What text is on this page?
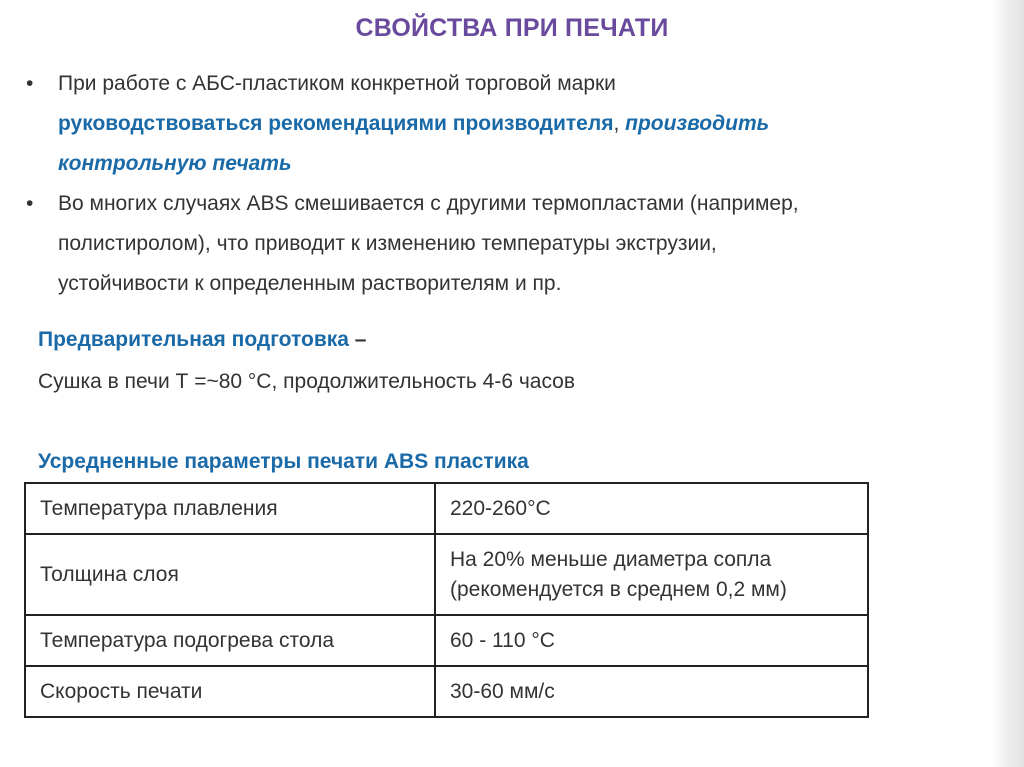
СВОЙСТВА ПРИ ПЕЧАТИ
• При работе с АБС-пластиком конкретной торговой марки
руководствоваться рекомендациями производителя, производить
контрольную печать
• Во многих случаях ABS смешивается с другими термопластами (например,
полистиролом), что приводит к изменению температуры экструзии,
устойчивости к определенным растворителям и пр.
Предварительная подготовка –
Сушка в печи Т =~80 °С, продолжительность 4-6 часов
Усредненные параметры печати ABS пластика
Температура плавления	220-260°C

Толщина слоя	На 20% меньше диаметра сопла
(рекомендуется в среднем 0,2 мм)

Температура подогрева стола	60 - 110 °C

Скорость печати	30-60 мм/с
